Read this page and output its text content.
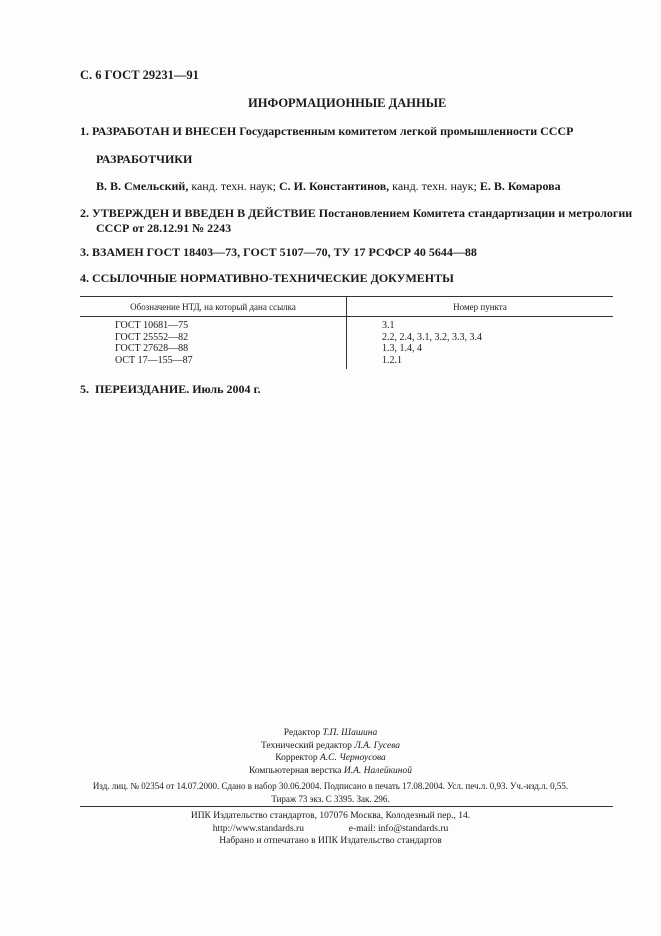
С. 6 ГОСТ 29231—91
ИНФОРМАЦИОННЫЕ ДАННЫЕ
1. РАЗРАБОТАН И ВНЕСЕН Государственным комитетом легкой промышленности СССР
РАЗРАБОТЧИКИ
В. В. Смельский, канд. техн. наук; С. И. Константинов, канд. техн. наук; Е. В. Комарова
2. УТВЕРЖДЕН И ВВЕДЕН В ДЕЙСТВИЕ Постановлением Комитета стандартизации и метрологии
СССР от 28.12.91 № 2243
3. ВЗАМЕН ГОСТ 18403—73, ГОСТ 5107—70, ТУ 17 РСФСР 40 5644—88
4. ССЫЛОЧНЫЕ НОРМАТИВНО-ТЕХНИЧЕСКИЕ ДОКУМЕНТЫ
Обозначение НТД, на который дана ссылка	Номер пункта
ГОСТ 10681—75
ГОСТ 25552—82
ГОСТ 27628—88
ОСТ 17—155—87
3.1
2.2, 2.4, 3.1, 3.2, 3.3, 3.4
1.3, 1.4, 4
1.2.1
5. ПЕРЕИЗДАНИЕ. Июль 2004 г.
Редактор Т.П. Шашина
Технический редактор Л.А. Гусева
Корректор А.С. Черноусова
Компьютерная верстка И.А. Налейкиной
Изд. лиц. № 02354 от 14.07.2000. Сдано в набор 30.06.2004. Подписано в печать 17.08.2004. Усл. печ.л. 0,93. Уч.-изд.л. 0,55.
Тираж 73 экз. С 3395. Зак. 296.
ИПК Издательство стандартов, 107076 Москва, Колодезный пер., 14.
http://www.standards.ru	e-mail: info@standards.ru
Набрано и отпечатано в ИПК Издательство стандартов
